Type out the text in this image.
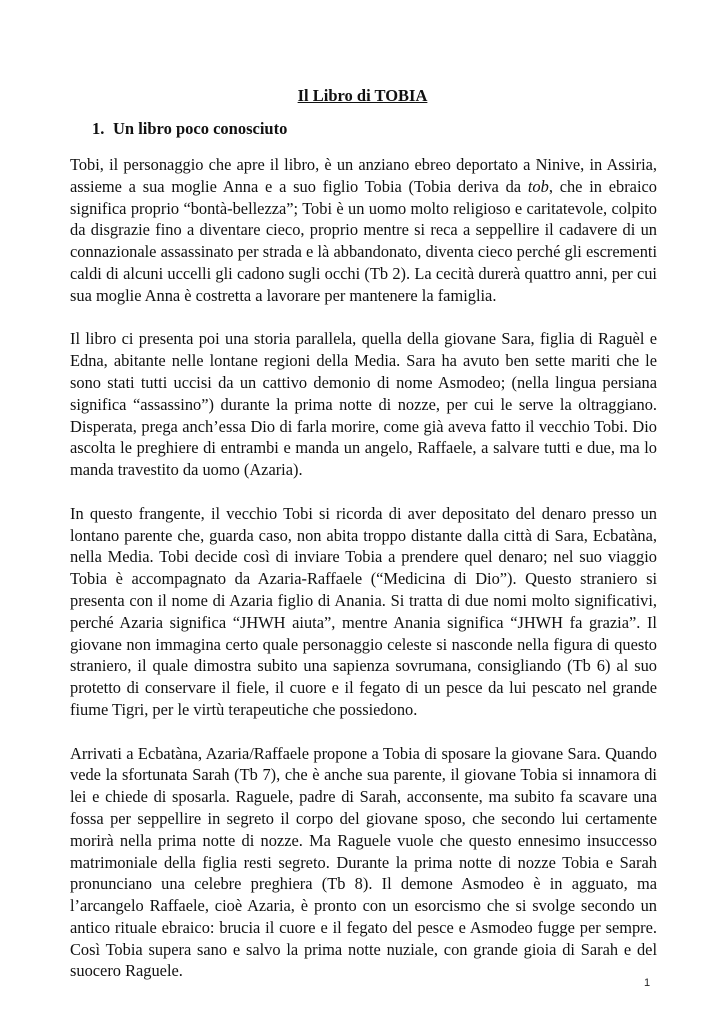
Il Libro di TOBIA
1. Un libro poco conosciuto

Tobi, il personaggio che apre il libro, è un anziano ebreo deportato a Ninive, in Assiria, assieme a sua moglie Anna e a suo figlio Tobia (Tobia deriva da tob, che in ebraico significa proprio “bontà-bellezza”; Tobi è un uomo molto religioso e caritatevole, colpito da disgrazie fino a diventare cieco, proprio mentre si reca a seppellire il cadavere di un connazionale assassinato per strada e là abbandonato, diventa cieco perché gli escrementi caldi di alcuni uccelli gli cadono sugli occhi (Tb 2). La cecità durerà quattro anni, per cui sua moglie Anna è costretta a lavorare per mantenere la famiglia.

Il libro ci presenta poi una storia parallela, quella della giovane Sara, figlia di Raguèl e Edna, abitante nelle lontane regioni della Media. Sara ha avuto ben sette mariti che le sono stati tutti uccisi da un cattivo demonio di nome Asmodeo; (nella lingua persiana significa “assassino”) durante la prima notte di nozze, per cui le serve la oltraggiano. Disperata, prega anch’essa Dio di farla morire, come già aveva fatto il vecchio Tobi. Dio ascolta le preghiere di entrambi e manda un angelo, Raffaele, a salvare tutti e due, ma lo manda travestito da uomo (Azaria).

In questo frangente, il vecchio Tobi si ricorda di aver depositato del denaro presso un lontano parente che, guarda caso, non abita troppo distante dalla città di Sara, Ecbatàna, nella Media. Tobi decide così di inviare Tobia a prendere quel denaro; nel suo viaggio Tobia è accompagnato da Azaria-Raffaele (“Medicina di Dio”). Questo straniero si presenta con il nome di Azaria figlio di Anania. Si tratta di due nomi molto significativi, perché Azaria significa “JHWH aiuta”, mentre Anania significa “JHWH fa grazia”. Il giovane non immagina certo quale personaggio celeste si nasconde nella figura di questo straniero, il quale dimostra subito una sapienza sovrumana, consigliando (Tb 6) al suo protetto di conservare il fiele, il cuore e il fegato di un pesce da lui pescato nel grande fiume Tigri, per le virtù terapeutiche che possiedono.

Arrivati a Ecbatàna, Azaria/Raffaele propone a Tobia di sposare la giovane Sara. Quando vede la sfortunata Sarah (Tb 7), che è anche sua parente, il giovane Tobia si innamora di lei e chiede di sposarla. Raguele, padre di Sarah, acconsente, ma subito fa scavare una fossa per seppellire in segreto il corpo del giovane sposo, che secondo lui certamente morirà nella prima notte di nozze. Ma Raguele vuole che questo ennesimo insuccesso matrimoniale della figlia resti segreto. Durante la prima notte di nozze Tobia e Sarah pronunciano una celebre preghiera (Tb 8). Il demone Asmodeo è in agguato, ma l’arcangelo Raffaele, cioè Azaria, è pronto con un esorcismo che si svolge secondo un antico rituale ebraico: brucia il cuore e il fegato del pesce e Asmodeo fugge per sempre. Così Tobia supera sano e salvo la prima notte nuziale, con grande gioia di Sarah e del suocero Raguele.

1
